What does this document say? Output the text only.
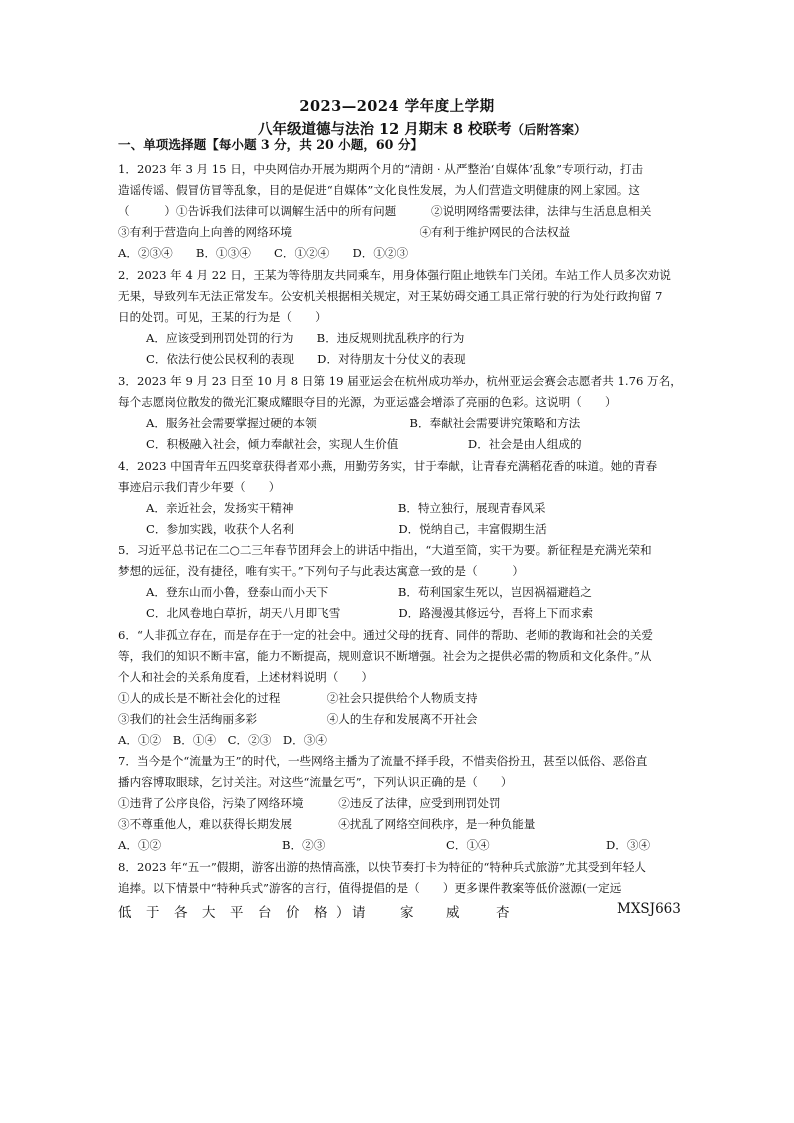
2023—2024 学年度上学期
八年级道德与法治 12 月期末 8 校联考（后附答案）
一、单项选择题【每小题 3 分，共 20 小题，60 分】
1．2023 年 3 月 15 日，中央网信办开展为期两个月的“清朗 · 从严整治‘自媒体’乱象”专项行动，打击
造谣传谣、假冒仿冒等乱象，目的是促进“自媒体”文化良性发展，为人们营造文明健康的网上家园。这
（　　　）①告诉我们法律可以调解生活中的所有问题　　　②说明网络需要法律，法律与生活息息相关
③有利于营造向上向善的网络环境　　　　　　　　　　　④有利于维护网民的合法权益
A．②③④　　B．①③④　　C．①②④　　D．①②③
2．2023 年 4 月 22 日，王某为等待朋友共同乘车，用身体强行阻止地铁车门关闭。车站工作人员多次劝说
无果，导致列车无法正常发车。公安机关根据相关规定，对王某妨碍交通工具正常行驶的行为处行政拘留 7
日的处罚。可见，王某的行为是（　　）
A．应该受到刑罚处罚的行为　　B．违反规则扰乱秩序的行为
C．依法行使公民权利的表现　　D．对待朋友十分仗义的表现
3．2023 年 9 月 23 日至 10 月 8 日第 19 届亚运会在杭州成功举办，杭州亚运会赛会志愿者共 1.76 万名，
每个志愿岗位散发的微光汇聚成耀眼夺目的光源，为亚运盛会增添了亮丽的色彩。这说明（　　）
A．服务社会需要掌握过硬的本领　　　　　　　　B．奉献社会需要讲究策略和方法
C．积极融入社会，倾力奉献社会，实现人生价值　　　　　　D．社会是由人组成的
4．2023 中国青年五四奖章获得者邓小燕，用勤劳务实，甘于奉献，让青春充满稻花香的味道。她的青春
事迹启示我们青少年要（　　）
A．亲近社会，发扬实干精神　　　　　　　　　B．特立独行，展现青春风采
C．参加实践，收获个人名利　　　　　　　　　D．悦纳自己，丰富假期生活
5．习近平总书记在二○二三年春节团拜会上的讲话中指出，“大道至简，实干为要。新征程是充满光荣和
梦想的远征，没有捷径，唯有实干。”下列句子与此表达寓意一致的是（　　　）
A．登东山而小鲁，登泰山而小天下　　　　　　B．苟利国家生死以，岂因祸福避趋之
C．北风卷地白草折，胡天八月即飞雪　　　　　D．路漫漫其修远兮，吾将上下而求索
6．“人非孤立存在，而是存在于一定的社会中。通过父母的抚育、同伴的帮助、老师的教诲和社会的关爱
等，我们的知识不断丰富，能力不断提高，规则意识不断增强。社会为之提供必需的物质和文化条件。”从
个人和社会的关系角度看，上述材料说明（　　）
①人的成长是不断社会化的过程　　　　②社会只提供给个人物质支持
③我们的社会生活绚丽多彩　　　　　　④人的生存和发展离不开社会
A．①②　B．①④　C．②③　D．③④
7．当今是个“流量为王”的时代，一些网络主播为了流量不择手段，不惜卖俗扮丑，甚至以低俗、恶俗直
播内容博取眼球，乞讨关注。对这些“流量乞丐”，下列认识正确的是（　　）
①违背了公序良俗，污染了网络环境　　　②违反了法律，应受到刑罚处罚
③不尊重他人，难以获得长期发展　　　　④扰乱了网络空间秩序，是一种负能量
A．①②	B．②③	C．①④	D．③④
8．2023 年“五一”假期，游客出游的热情高涨，以快节奏打卡为特征的“特种兵式旅游”尤其受到年轻人
追捧。以下情景中“特种兵式”游客的言行，值得提倡的是（　　）更多课件教案等低价滋源(一定远
低 于 各 大 平 台 价 格 ） 请	家 威	杏	MXSJ663
